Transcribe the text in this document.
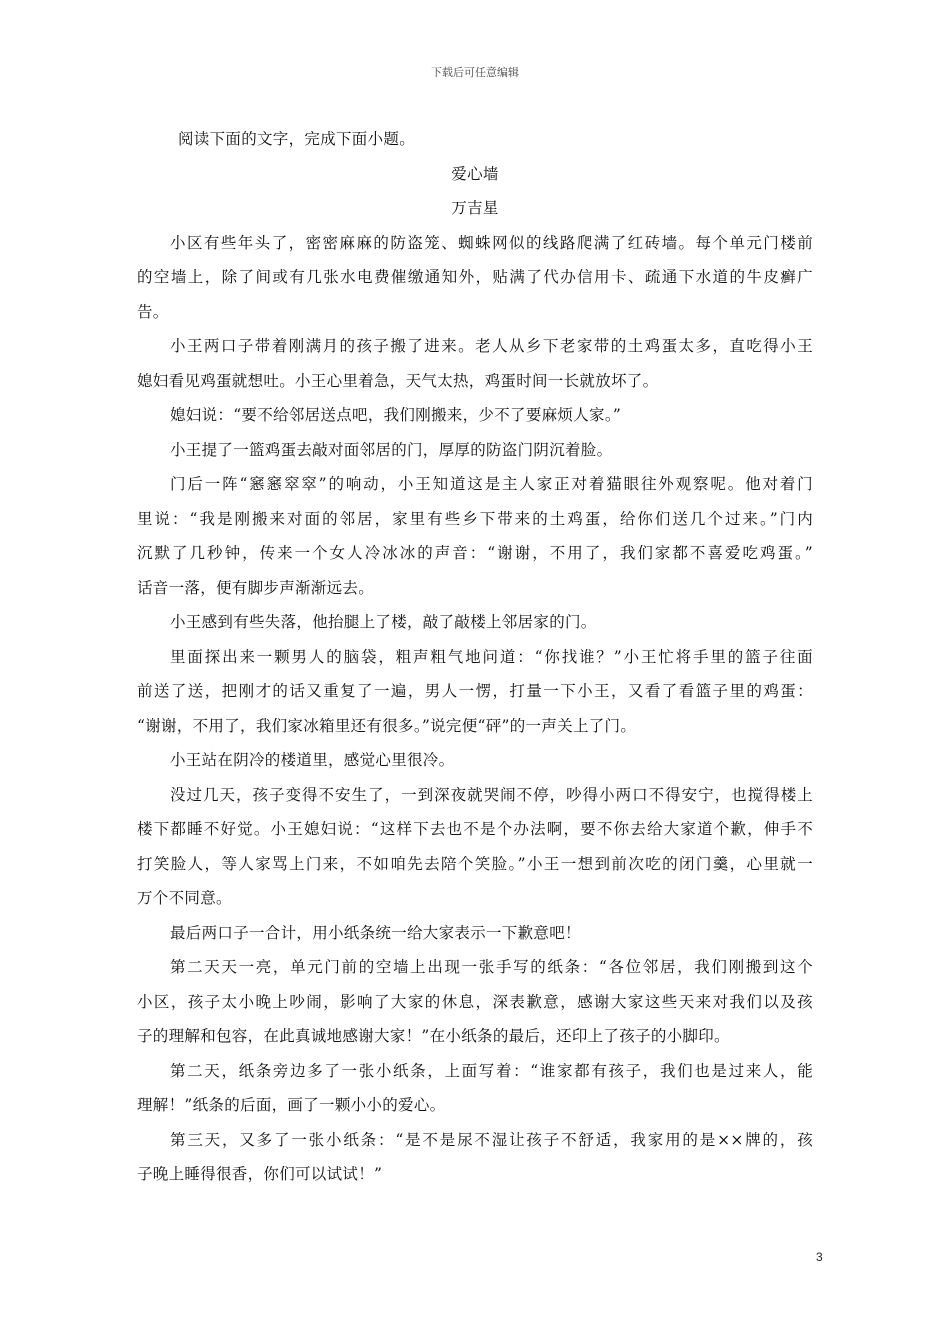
下载后可任意编辑
阅读下面的文字，完成下面小题。
爱心墙
万吉星
小区有些年头了，密密麻麻的防盗笼、蜘蛛网似的线路爬满了红砖墙。每个单元门楼前
的空墙上，除了间或有几张水电费催缴通知外，贴满了代办信用卡、疏通下水道的牛皮癣广
告。
小王两口子带着刚满月的孩子搬了进来。老人从乡下老家带的土鸡蛋太多，直吃得小王
媳妇看见鸡蛋就想吐。小王心里着急，天气太热，鸡蛋时间一长就放坏了。
媳妇说：“要不给邻居送点吧，我们刚搬来，少不了要麻烦人家。”
小王提了一篮鸡蛋去敲对面邻居的门，厚厚的防盗门阴沉着脸。
门后一阵“窸窸窣窣”的响动，小王知道这是主人家正对着猫眼往外观察呢。他对着门
里说：“我是刚搬来对面的邻居，家里有些乡下带来的土鸡蛋，给你们送几个过来。”门内
沉默了几秒钟，传来一个女人冷冰冰的声音：“谢谢，不用了，我们家都不喜爱吃鸡蛋。”
话音一落，便有脚步声渐渐远去。
小王感到有些失落，他抬腿上了楼，敲了敲楼上邻居家的门。
里面探出来一颗男人的脑袋，粗声粗气地问道：“你找谁？”小王忙将手里的篮子往面
前送了送，把刚才的话又重复了一遍，男人一愣，打量一下小王，又看了看篮子里的鸡蛋：
“谢谢，不用了，我们家冰箱里还有很多。”说完便“砰”的一声关上了门。
小王站在阴冷的楼道里，感觉心里很冷。
没过几天，孩子变得不安生了，一到深夜就哭闹不停，吵得小两口不得安宁，也搅得楼上
楼下都睡不好觉。小王媳妇说：“这样下去也不是个办法啊，要不你去给大家道个歉，伸手不
打笑脸人，等人家骂上门来，不如咱先去陪个笑脸。”小王一想到前次吃的闭门羹，心里就一
万个不同意。
最后两口子一合计，用小纸条统一给大家表示一下歉意吧！
第二天天一亮，单元门前的空墙上出现一张手写的纸条：“各位邻居，我们刚搬到这个
小区，孩子太小晚上吵闹，影响了大家的休息，深表歉意，感谢大家这些天来对我们以及孩
子的理解和包容，在此真诚地感谢大家！”在小纸条的最后，还印上了孩子的小脚印。
第二天，纸条旁边多了一张小纸条，上面写着：“谁家都有孩子，我们也是过来人，能
理解！”纸条的后面，画了一颗小小的爱心。
第三天，又多了一张小纸条：“是不是尿不湿让孩子不舒适，我家用的是××牌的，孩
子晚上睡得很香，你们可以试试！”
3
